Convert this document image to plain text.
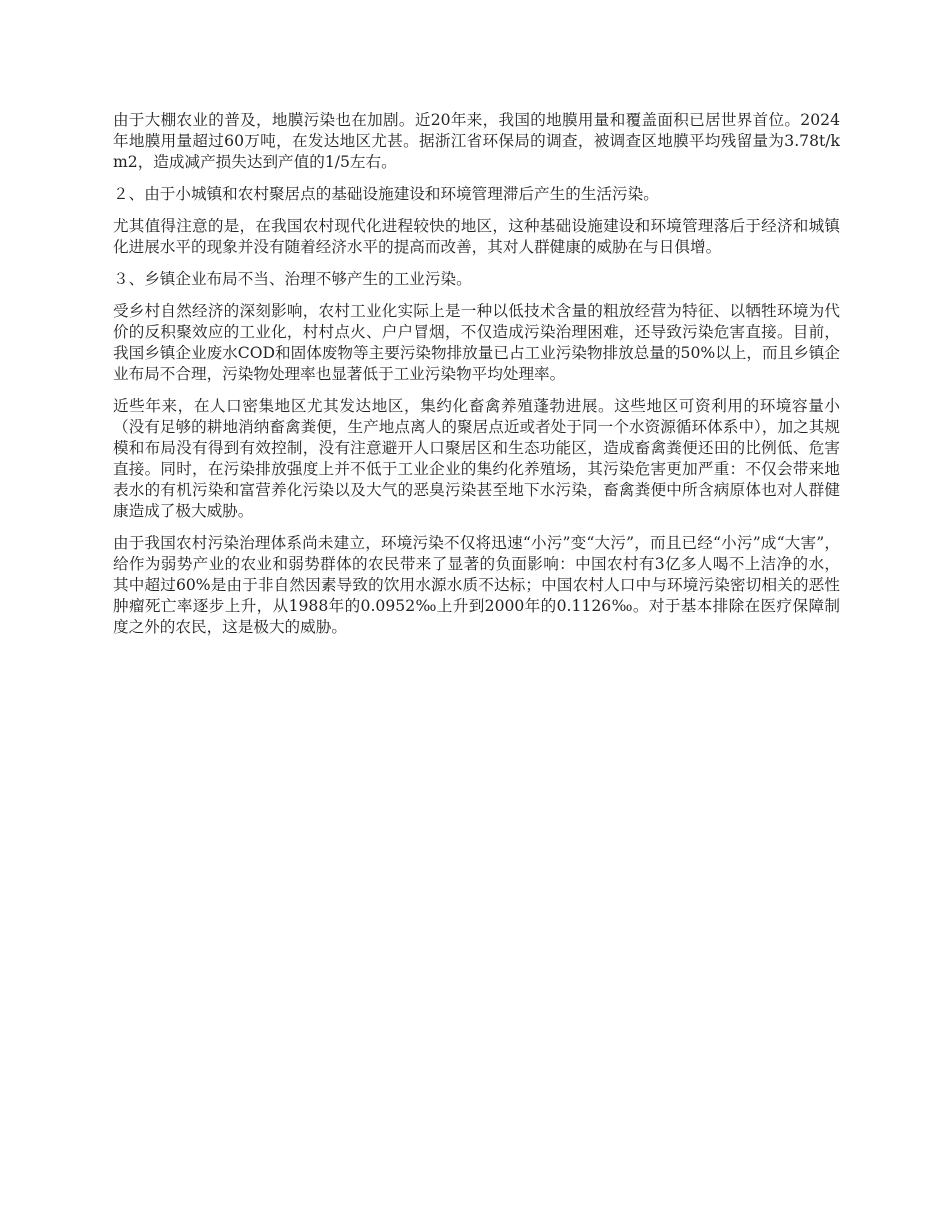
由于大棚农业的普及，地膜污染也在加剧。近20年来，我国的地膜用量和覆盖面积已居世界首位。2024年地膜用量超过60万吨，在发达地区尤甚。据浙江省环保局的调查，被调查区地膜平均残留量为3.78t/km2，造成减产损失达到产值的1/5左右。

２、由于小城镇和农村聚居点的基础设施建设和环境管理滞后产生的生活污染。

尤其值得注意的是，在我国农村现代化进程较快的地区，这种基础设施建设和环境管理落后于经济和城镇化进展水平的现象并没有随着经济水平的提高而改善，其对人群健康的威胁在与日俱增。

３、乡镇企业布局不当、治理不够产生的工业污染。

受乡村自然经济的深刻影响，农村工业化实际上是一种以低技术含量的粗放经营为特征、以牺牲环境为代价的反积聚效应的工业化，村村点火、户户冒烟，不仅造成污染治理困难，还导致污染危害直接。目前，我国乡镇企业废水COD和固体废物等主要污染物排放量已占工业污染物排放总量的50%以上，而且乡镇企业布局不合理，污染物处理率也显著低于工业污染物平均处理率。

近些年来，在人口密集地区尤其发达地区，集约化畜禽养殖蓬勃进展。这些地区可资利用的环境容量小（没有足够的耕地消纳畜禽粪便，生产地点离人的聚居点近或者处于同一个水资源循环体系中），加之其规模和布局没有得到有效控制，没有注意避开人口聚居区和生态功能区，造成畜禽粪便还田的比例低、危害直接。同时，在污染排放强度上并不低于工业企业的集约化养殖场，其污染危害更加严重：不仅会带来地表水的有机污染和富营养化污染以及大气的恶臭污染甚至地下水污染，畜禽粪便中所含病原体也对人群健康造成了极大威胁。

由于我国农村污染治理体系尚未建立，环境污染不仅将迅速“小污”变“大污”，而且已经“小污”成“大害”，给作为弱势产业的农业和弱势群体的农民带来了显著的负面影响：中国农村有3亿多人喝不上洁净的水，其中超过60%是由于非自然因素导致的饮用水源水质不达标；中国农村人口中与环境污染密切相关的恶性肿瘤死亡率逐步上升，从1988年的0.0952‰上升到2000年的0.1126‰。对于基本排除在医疗保障制度之外的农民，这是极大的威胁。
